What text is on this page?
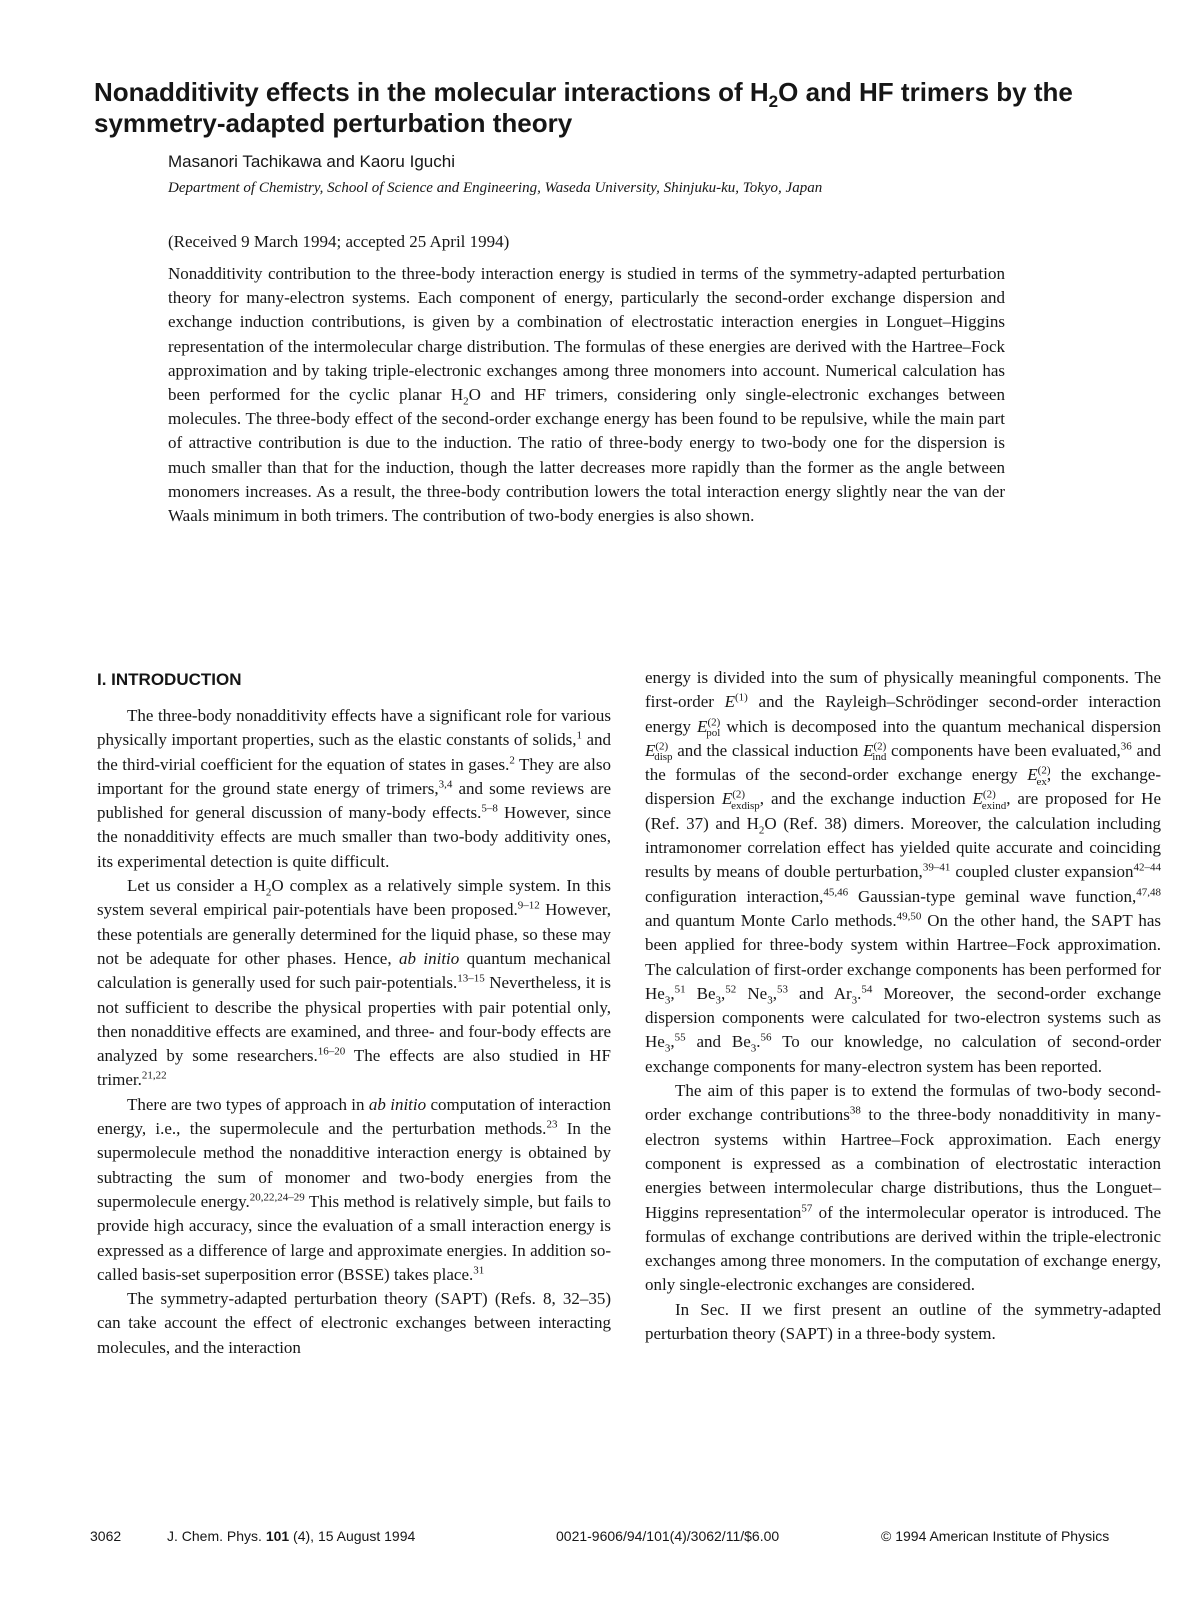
Nonadditivity effects in the molecular interactions of $H_2O$ and HF trimers by the symmetry-adapted perturbation theory
Masanori Tachikawa and Kaoru Iguchi
Department of Chemistry, School of Science and Engineering, Waseda University, Shinjuku-ku, Tokyo, Japan
(Received 9 March 1994; accepted 25 April 1994)

Nonadditivity contribution to the three-body interaction energy is studied in terms of the symmetry-adapted perturbation theory for many-electron systems. Each component of energy, particularly the second-order exchange dispersion and exchange induction contributions, is given by a combination of electrostatic interaction energies in Longuet–Higgins representation of the intermolecular charge distribution. The formulas of these energies are derived with the Hartree–Fock approximation and by taking triple-electronic exchanges among three monomers into account. Numerical calculation has been performed for the cyclic planar $H_2O$ and HF trimers, considering only single-electronic exchanges between molecules. The three-body effect of the second-order exchange energy has been found to be repulsive, while the main part of attractive contribution is due to the induction. The ratio of three-body energy to two-body one for the dispersion is much smaller than that for the induction, though the latter decreases more rapidly than the former as the angle between monomers increases. As a result, the three-body contribution lowers the total interaction energy slightly near the van der Waals minimum in both trimers. The contribution of two-body energies is also shown.

I. INTRODUCTION

The three-body nonadditivity effects have a significant role for various physically important properties, such as the elastic constants of solids,$^1$ and the third-virial coefficient for the equation of states in gases.$^2$ They are also important for the ground state energy of trimers,$^{3,4}$ and some reviews are published for general discussion of many-body effects.$^{5-8}$ However, since the nonadditivity effects are much smaller than two-body additivity ones, its experimental detection is quite difficult.

Let us consider a $H_2O$ complex as a relatively simple system. In this system several empirical pair-potentials have been proposed.$^{9-12}$ However, these potentials are generally determined for the liquid phase, so these may not be adequate for other phases. Hence, ab initio quantum mechanical calculation is generally used for such pair-potentials.$^{13-15}$ Nevertheless, it is not sufficient to describe the physical properties with pair potential only, then nonadditive effects are examined, and three- and four-body effects are analyzed by some researchers.$^{16-20}$ The effects are also studied in HF trimer.$^{21,22}$

There are two types of approach in ab initio computation of interaction energy, i.e., the supermolecule and the perturbation methods.$^{23}$ In the supermolecule method the nonadditive interaction energy is obtained by subtracting the sum of monomer and two-body energies from the supermolecule energy.$^{20,22,24-29}$ This method is relatively simple, but fails to provide high accuracy, since the evaluation of a small interaction energy is expressed as a difference of large and approximate energies. In addition so-called basis-set superposition error (BSSE) takes place.$^{31}$

The symmetry-adapted perturbation theory (SAPT) (Refs. 8, 32–35) can take account the effect of electronic exchanges between interacting molecules, and the interaction

energy is divided into the sum of physically meaningful components. The first-order $E^{(1)}$ and the Rayleigh–Schrödinger second-order interaction energy $E^{(2)}_{pol}$ which is decomposed into the quantum mechanical dispersion $E^{(2)}_{disp}$ and the classical induction $E^{(2)}_{ind}$ components have been evaluated,$^{36}$ and the formulas of the second-order exchange energy $E^{(2)}_{ex}$, the exchange-dispersion $E^{(2)}_{exdisp}$, and the exchange induction $E^{(2)}_{exind}$, are proposed for He (Ref. 37) and $H_2O$ (Ref. 38) dimers. Moreover, the calculation including intramonomer correlation effect has yielded quite accurate and coinciding results by means of double perturbation,$^{39-41}$ coupled cluster expansion$^{42-44}$ configuration interaction,$^{45,46}$ Gaussian-type geminal wave function,$^{47,48}$ and quantum Monte Carlo methods.$^{49,50}$ On the other hand, the SAPT has been applied for three-body system within Hartree–Fock approximation. The calculation of first-order exchange components has been performed for $He_3,^{51}$ $Be_3,^{52}$ $Ne_3,^{53}$ and $Ar_3.^{54}$ Moreover, the second-order exchange dispersion components were calculated for two-electron systems such as $He_3,^{55}$ and $Be_3.^{56}$ To our knowledge, no calculation of second-order exchange components for many-electron system has been reported.

The aim of this paper is to extend the formulas of two-body second-order exchange contributions$^{38}$ to the three-body nonadditivity in many-electron systems within Hartree–Fock approximation. Each energy component is expressed as a combination of electrostatic interaction energies between intermolecular charge distributions, thus the Longuet–Higgins representation$^{57}$ of the intermolecular operator is introduced. The formulas of exchange contributions are derived within the triple-electronic exchanges among three monomers. In the computation of exchange energy, only single-electronic exchanges are considered.

In Sec. II we first present an outline of the symmetry-adapted perturbation theory (SAPT) in a three-body system.

3062	J. Chem. Phys. 101 (4), 15 August 1994	0021-9606/94/101(4)/3062/11/$6.00	© 1994 American Institute of Physics
